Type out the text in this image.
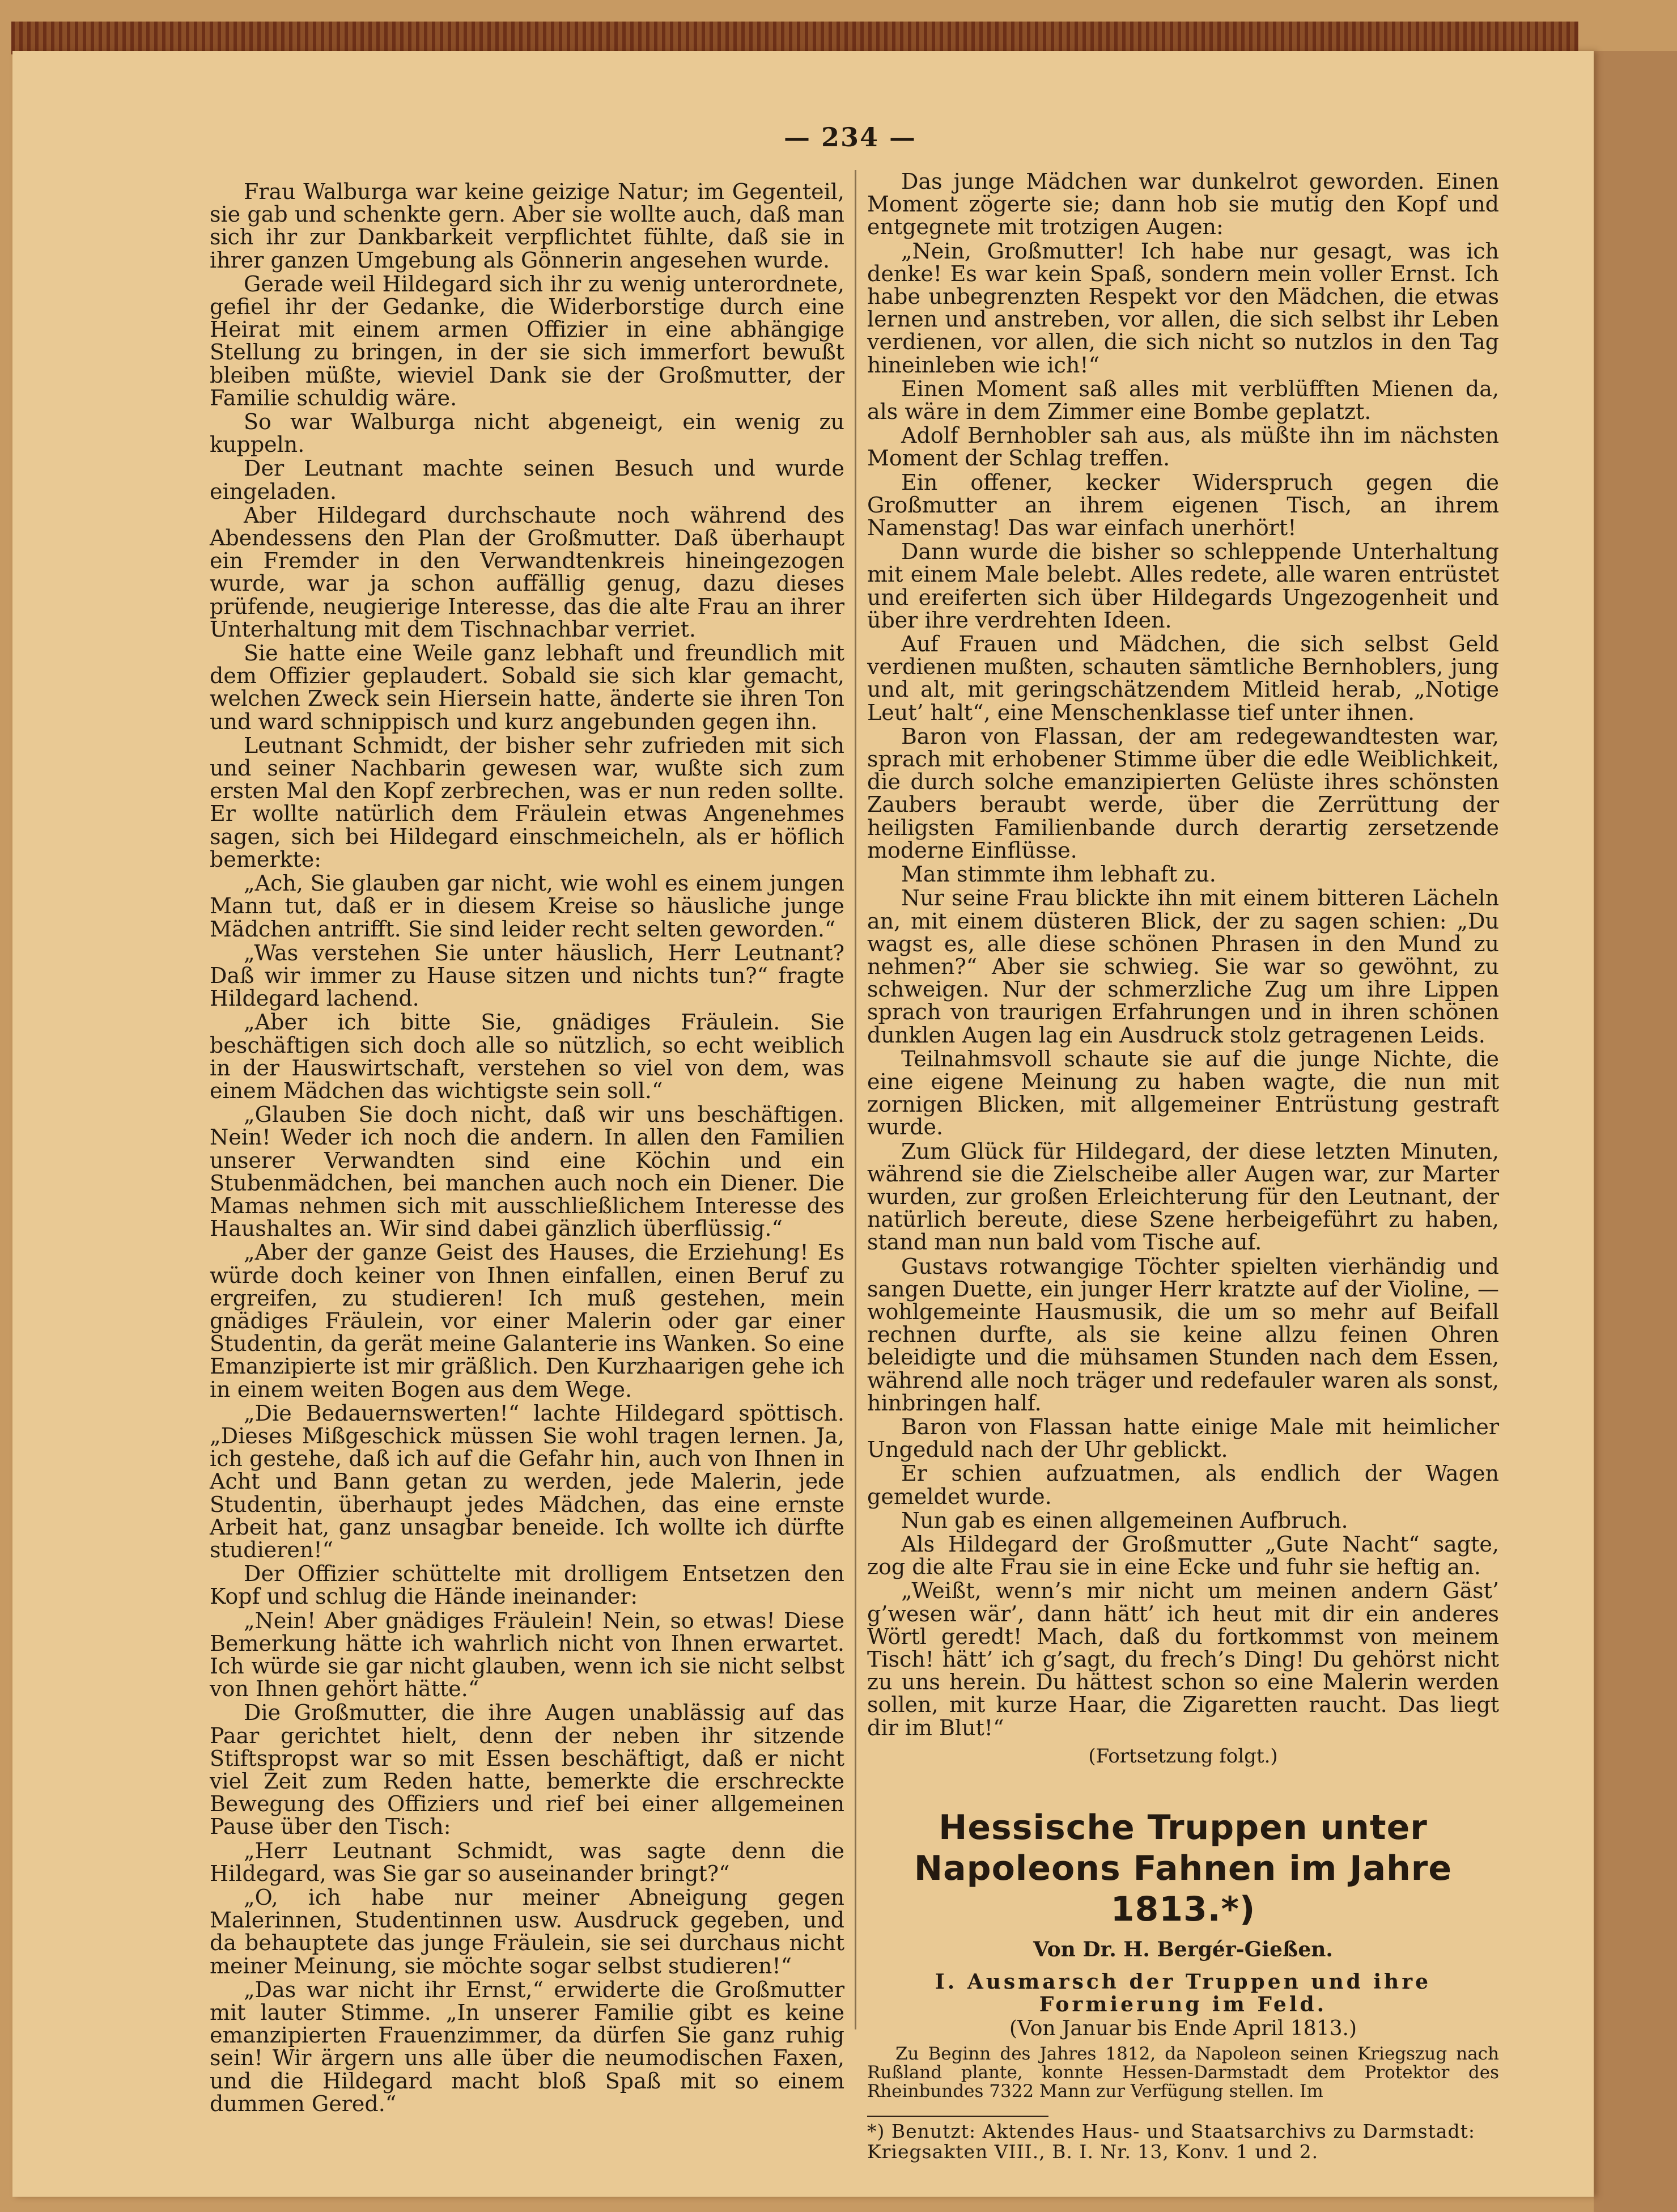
— 234 —

Frau Walburga war keine geizige Natur; im Gegenteil, sie gab und schenkte gern. Aber sie wollte auch, daß man sich ihr zur Dankbarkeit verpflichtet fühlte, daß sie in ihrer ganzen Umgebung als Gönnerin angesehen wurde.

Gerade weil Hildegard sich ihr zu wenig unterordnete, gefiel ihr der Gedanke, die Widerborstige durch eine Heirat mit einem armen Offizier in eine abhängige Stellung zu bringen, in der sie sich immerfort bewußt bleiben müßte, wieviel Dank sie der Großmutter, der Familie schuldig wäre.

So war Walburga nicht abgeneigt, ein wenig zu kuppeln.

Der Leutnant machte seinen Besuch und wurde eingeladen.

Aber Hildegard durchschaute noch während des Abendessens den Plan der Großmutter. Daß überhaupt ein Fremder in den Verwandtenkreis hineingezogen wurde, war ja schon auffällig genug, dazu dieses prüfende, neugierige Interesse, das die alte Frau an ihrer Unterhaltung mit dem Tischnachbar verriet.

Sie hatte eine Weile ganz lebhaft und freundlich mit dem Offizier geplaudert. Sobald sie sich klar gemacht, welchen Zweck sein Hiersein hatte, änderte sie ihren Ton und ward schnippisch und kurz angebunden gegen ihn.

Leutnant Schmidt, der bisher sehr zufrieden mit sich und seiner Nachbarin gewesen war, wußte sich zum ersten Mal den Kopf zerbrechen, was er nun reden sollte. Er wollte natürlich dem Fräulein etwas Angenehmes sagen, sich bei Hildegard einschmeicheln, als er höflich bemerkte:

„Ach, Sie glauben gar nicht, wie wohl es einem jungen Mann tut, daß er in diesem Kreise so häusliche junge Mädchen antrifft. Sie sind leider recht selten geworden.“

„Was verstehen Sie unter häuslich, Herr Leutnant? Daß wir immer zu Hause sitzen und nichts tun?“ fragte Hildegard lachend.

„Aber ich bitte Sie, gnädiges Fräulein. Sie beschäftigen sich doch alle so nützlich, so echt weiblich in der Hauswirtschaft, verstehen so viel von dem, was einem Mädchen das wichtigste sein soll.“

„Glauben Sie doch nicht, daß wir uns beschäftigen. Nein! Weder ich noch die andern. In allen den Familien unserer Verwandten sind eine Köchin und ein Stubenmädchen, bei manchen auch noch ein Diener. Die Mamas nehmen sich mit ausschließlichem Interesse des Haushaltes an. Wir sind dabei gänzlich überflüssig.“

„Aber der ganze Geist des Hauses, die Erziehung! Es würde doch keiner von Ihnen einfallen, einen Beruf zu ergreifen, zu studieren! Ich muß gestehen, mein gnädiges Fräulein, vor einer Malerin oder gar einer Studentin, da gerät meine Galanterie ins Wanken. So eine Emanzipierte ist mir gräßlich. Den Kurzhaarigen gehe ich in einem weiten Bogen aus dem Wege.

„Die Bedauernswerten!“ lachte Hildegard spöttisch. „Dieses Mißgeschick müssen Sie wohl tragen lernen. Ja, ich gestehe, daß ich auf die Gefahr hin, auch von Ihnen in Acht und Bann getan zu werden, jede Malerin, jede Studentin, überhaupt jedes Mädchen, das eine ernste Arbeit hat, ganz unsagbar beneide. Ich wollte ich dürfte studieren!“

Der Offizier schüttelte mit drolligem Entsetzen den Kopf und schlug die Hände ineinander:

„Nein! Aber gnädiges Fräulein! Nein, so etwas! Diese Bemerkung hätte ich wahrlich nicht von Ihnen erwartet. Ich würde sie gar nicht glauben, wenn ich sie nicht selbst von Ihnen gehört hätte.“

Die Großmutter, die ihre Augen unablässig auf das Paar gerichtet hielt, denn der neben ihr sitzende Stiftspropst war so mit Essen beschäftigt, daß er nicht viel Zeit zum Reden hatte, bemerkte die erschreckte Bewegung des Offiziers und rief bei einer allgemeinen Pause über den Tisch:

„Herr Leutnant Schmidt, was sagte denn die Hildegard, was Sie gar so auseinander bringt?“

„O, ich habe nur meiner Abneigung gegen Malerinnen, Studentinnen usw. Ausdruck gegeben, und da behauptete das junge Fräulein, sie sei durchaus nicht meiner Meinung, sie möchte sogar selbst studieren!“

„Das war nicht ihr Ernst,“ erwiderte die Großmutter mit lauter Stimme. „In unserer Familie gibt es keine emanzipierten Frauenzimmer, da dürfen Sie ganz ruhig sein! Wir ärgern uns alle über die neumodischen Faxen, und die Hildegard macht bloß Spaß mit so einem dummen Gered.“

Das junge Mädchen war dunkelrot geworden. Einen Moment zögerte sie; dann hob sie mutig den Kopf und entgegnete mit trotzigen Augen:

„Nein, Großmutter! Ich habe nur gesagt, was ich denke! Es war kein Spaß, sondern mein voller Ernst. Ich habe unbegrenzten Respekt vor den Mädchen, die etwas lernen und anstreben, vor allen, die sich selbst ihr Leben verdienen, vor allen, die sich nicht so nutzlos in den Tag hineinleben wie ich!“

Einen Moment saß alles mit verblüfften Mienen da, als wäre in dem Zimmer eine Bombe geplatzt.

Adolf Bernhobler sah aus, als müßte ihn im nächsten Moment der Schlag treffen.

Ein offener, kecker Widerspruch gegen die Großmutter an ihrem eigenen Tisch, an ihrem Namenstag! Das war einfach unerhört!

Dann wurde die bisher so schleppende Unterhaltung mit einem Male belebt. Alles redete, alle waren entrüstet und ereiferten sich über Hildegards Ungezogenheit und über ihre verdrehten Ideen.

Auf Frauen und Mädchen, die sich selbst Geld verdienen mußten, schauten sämtliche Bernhoblers, jung und alt, mit geringschätzendem Mitleid herab, „Notige Leut’ halt“, eine Menschenklasse tief unter ihnen.

Baron von Flassan, der am redegewandtesten war, sprach mit erhobener Stimme über die edle Weiblichkeit, die durch solche emanzipierten Gelüste ihres schönsten Zaubers beraubt werde, über die Zerrüttung der heiligsten Familienbande durch derartig zersetzende moderne Einflüsse.

Man stimmte ihm lebhaft zu.

Nur seine Frau blickte ihn mit einem bitteren Lächeln an, mit einem düsteren Blick, der zu sagen schien: „Du wagst es, alle diese schönen Phrasen in den Mund zu nehmen?“ Aber sie schwieg. Sie war so gewöhnt, zu schweigen. Nur der schmerzliche Zug um ihre Lippen sprach von traurigen Erfahrungen und in ihren schönen dunklen Augen lag ein Ausdruck stolz getragenen Leids.

Teilnahmsvoll schaute sie auf die junge Nichte, die eine eigene Meinung zu haben wagte, die nun mit zornigen Blicken, mit allgemeiner Entrüstung gestraft wurde.

Zum Glück für Hildegard, der diese letzten Minuten, während sie die Zielscheibe aller Augen war, zur Marter wurden, zur großen Erleichterung für den Leutnant, der natürlich bereute, diese Szene herbeigeführt zu haben, stand man nun bald vom Tische auf.

Gustavs rotwangige Töchter spielten vierhändig und sangen Duette, ein junger Herr kratzte auf der Violine, — wohlgemeinte Hausmusik, die um so mehr auf Beifall rechnen durfte, als sie keine allzu feinen Ohren beleidigte und die mühsamen Stunden nach dem Essen, während alle noch träger und redefauler waren als sonst, hinbringen half.

Baron von Flassan hatte einige Male mit heimlicher Ungeduld nach der Uhr geblickt.

Er schien aufzuatmen, als endlich der Wagen gemeldet wurde.

Nun gab es einen allgemeinen Aufbruch.

Als Hildegard der Großmutter „Gute Nacht“ sagte, zog die alte Frau sie in eine Ecke und fuhr sie heftig an.

„Weißt, wenn’s mir nicht um meinen andern Gäst’ g’wesen wär’, dann hätt’ ich heut mit dir ein anderes Wörtl geredt! Mach, daß du fortkommst von meinem Tisch! hätt’ ich g’sagt, du frech’s Ding! Du gehörst nicht zu uns herein. Du hättest schon so eine Malerin werden sollen, mit kurze Haar, die Zigaretten raucht. Das liegt dir im Blut!“

(Fortsetzung folgt.)
Hessische Truppen unter Napoleons Fahnen im Jahre 1813.*)
Von Dr. H. Bergér-Gießen.
I. Ausmarsch der Truppen und ihre Formierung im Feld.
(Von Januar bis Ende April 1813.)

Zu Beginn des Jahres 1812, da Napoleon seinen Kriegszug nach Rußland plante, konnte Hessen-Darmstadt dem Protektor des Rheinbundes 7322 Mann zur Verfügung stellen. Im

*) Benutzt: Aktendes Haus- und Staatsarchivs zu Darmstadt: Kriegsakten VIII., B. I. Nr. 13, Konv. 1 und 2.
